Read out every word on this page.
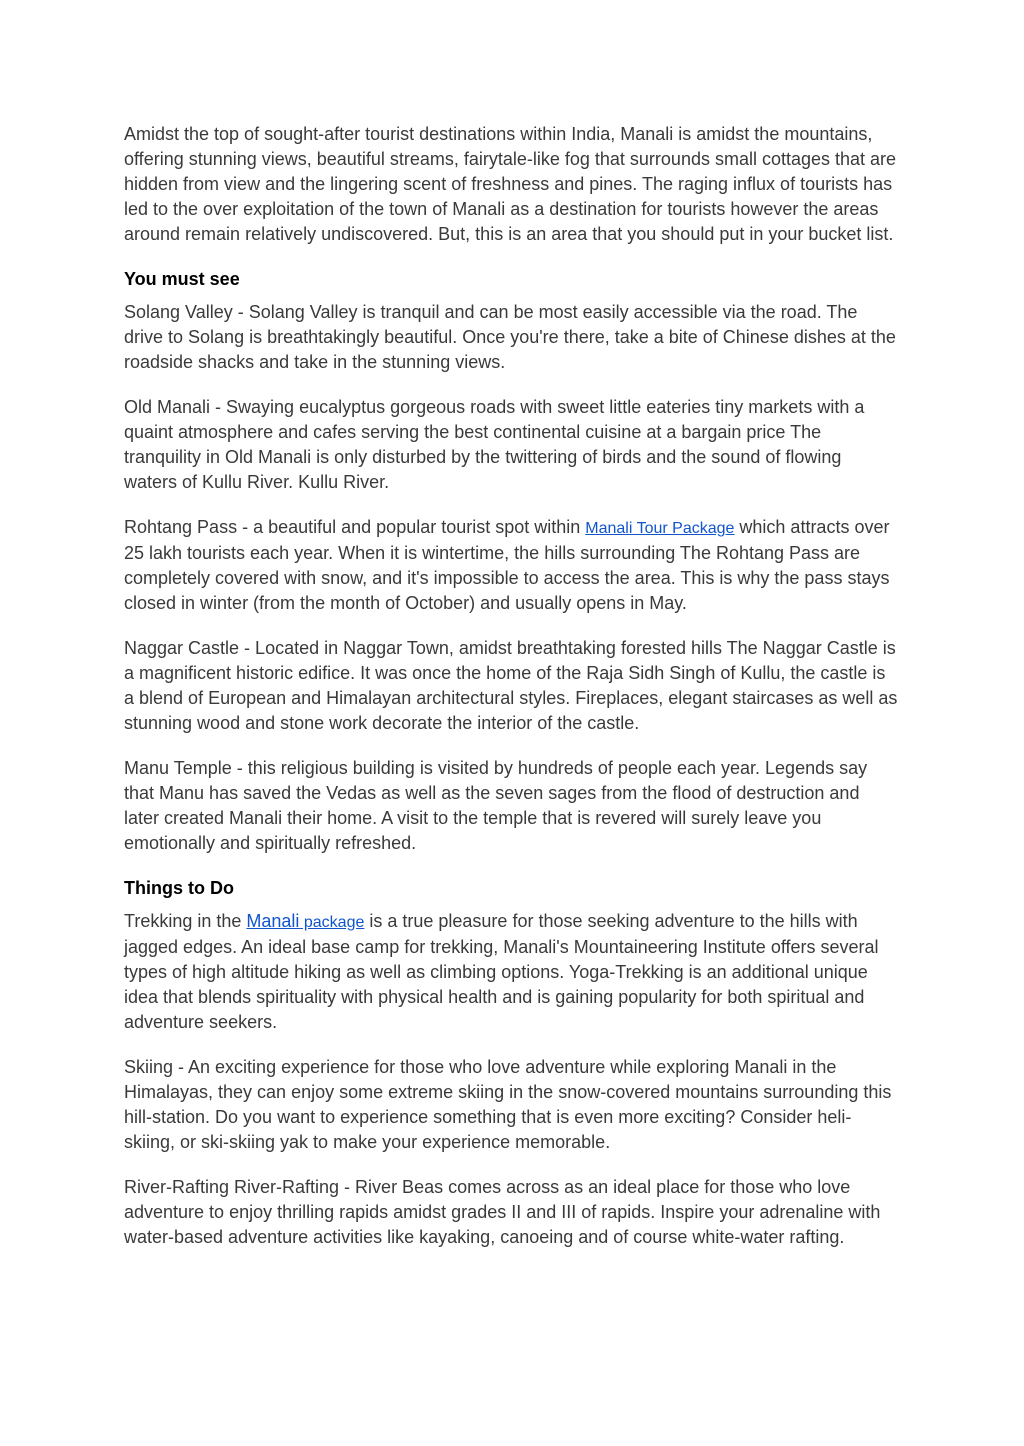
Amidst the top of sought-after tourist destinations within India, Manali is amidst the mountains, offering stunning views, beautiful streams, fairytale-like fog that surrounds small cottages that are hidden from view and the lingering scent of freshness and pines. The raging influx of tourists has led to the over exploitation of the town of Manali as a destination for tourists however the areas around remain relatively undiscovered. But, this is an area that you should put in your bucket list.

You must see

Solang Valley - Solang Valley is tranquil and can be most easily accessible via the road. The drive to Solang is breathtakingly beautiful. Once you're there, take a bite of Chinese dishes at the roadside shacks and take in the stunning views.

Old Manali - Swaying eucalyptus gorgeous roads with sweet little eateries tiny markets with a quaint atmosphere and cafes serving the best continental cuisine at a bargain price The tranquility in Old Manali is only disturbed by the twittering of birds and the sound of flowing waters of Kullu River. Kullu River.

Rohtang Pass - a beautiful and popular tourist spot within Manali Tour Package which attracts over 25 lakh tourists each year. When it is wintertime, the hills surrounding The Rohtang Pass are completely covered with snow, and it's impossible to access the area. This is why the pass stays closed in winter (from the month of October) and usually opens in May.

Naggar Castle - Located in Naggar Town, amidst breathtaking forested hills The Naggar Castle is a magnificent historic edifice. It was once the home of the Raja Sidh Singh of Kullu, the castle is a blend of European and Himalayan architectural styles. Fireplaces, elegant staircases as well as stunning wood and stone work decorate the interior of the castle.

Manu Temple - this religious building is visited by hundreds of people each year. Legends say that Manu has saved the Vedas as well as the seven sages from the flood of destruction and later created Manali their home. A visit to the temple that is revered will surely leave you emotionally and spiritually refreshed.

Things to Do

Trekking in the Manali package is a true pleasure for those seeking adventure to the hills with jagged edges. An ideal base camp for trekking, Manali's Mountaineering Institute offers several types of high altitude hiking as well as climbing options. Yoga-Trekking is an additional unique idea that blends spirituality with physical health and is gaining popularity for both spiritual and adventure seekers.

Skiing - An exciting experience for those who love adventure while exploring Manali in the Himalayas, they can enjoy some extreme skiing in the snow-covered mountains surrounding this hill-station. Do you want to experience something that is even more exciting? Consider heli-skiing, or ski-skiing yak to make your experience memorable.

River-Rafting River-Rafting - River Beas comes across as an ideal place for those who love adventure to enjoy thrilling rapids amidst grades II and III of rapids. Inspire your adrenaline with water-based adventure activities like kayaking, canoeing and of course white-water rafting.
